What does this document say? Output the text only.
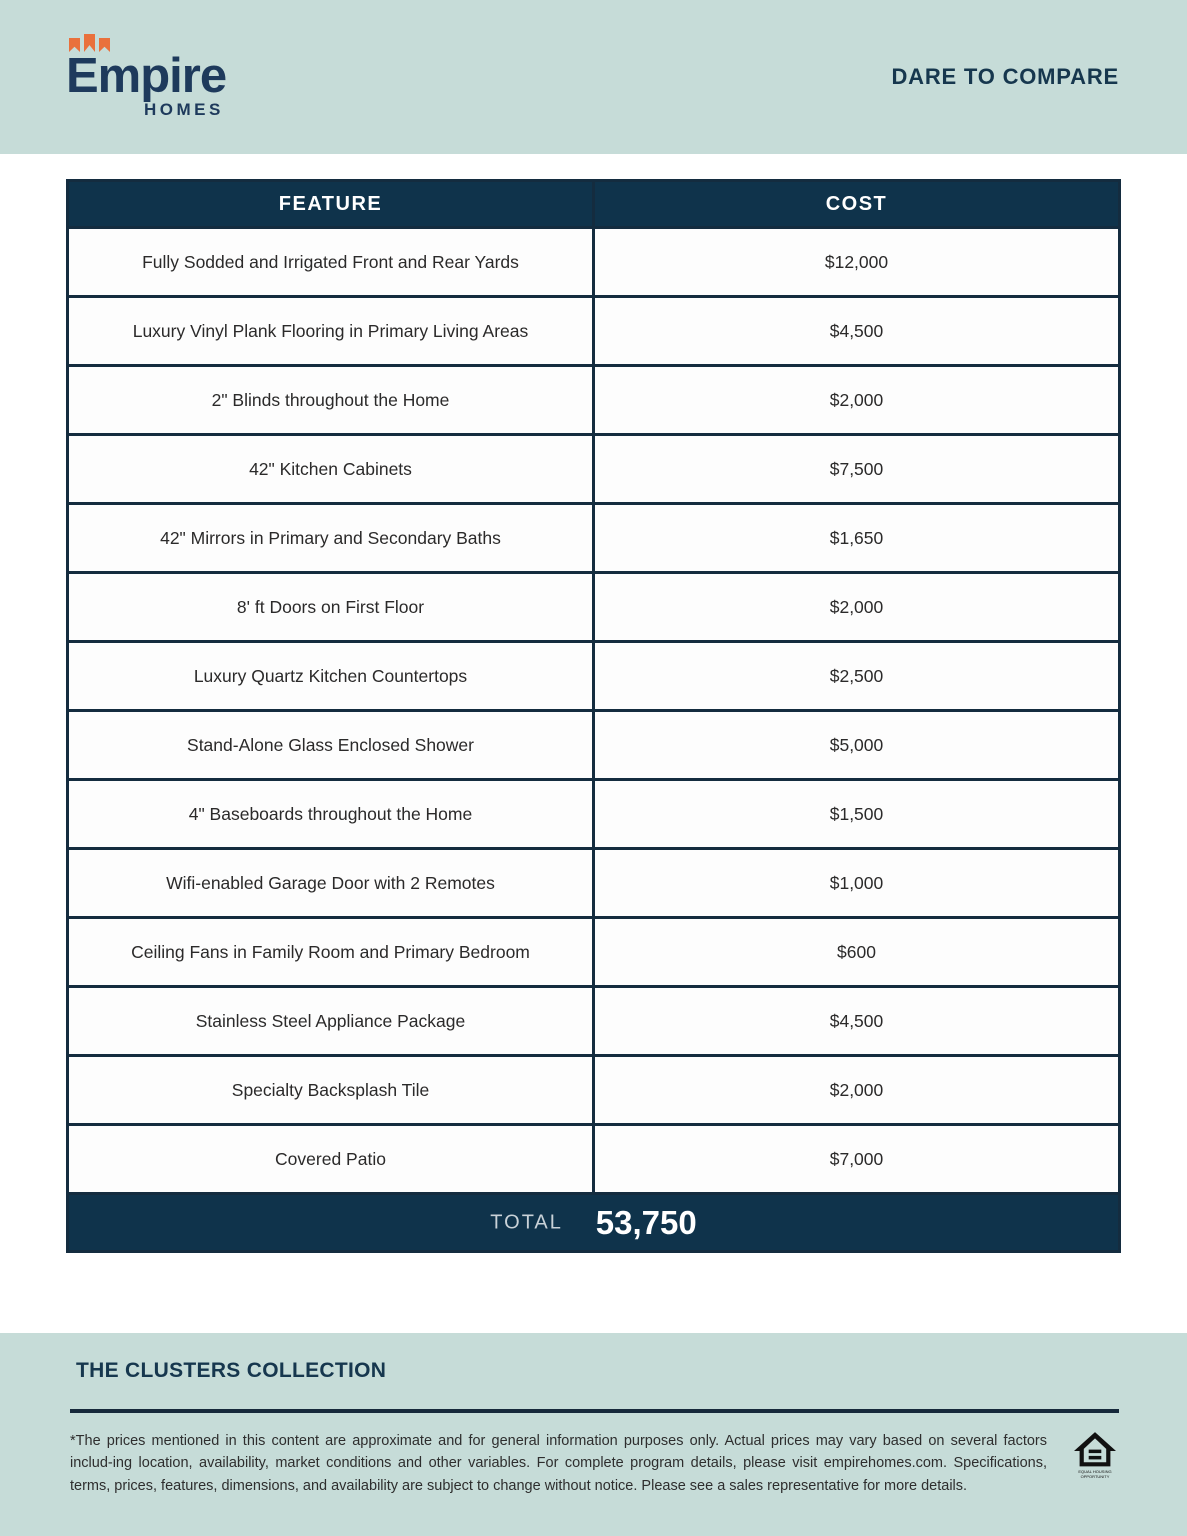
Empire
HOMES
DARE TO COMPARE
FEATURE	COST
Fully Sodded and Irrigated Front and Rear Yards	$12,000
Luxury Vinyl Plank Flooring in Primary Living Areas	$4,500
2" Blinds throughout the Home	$2,000
42" Kitchen Cabinets	$7,500
42" Mirrors in Primary and Secondary Baths	$1,650
8' ft Doors on First Floor	$2,000
Luxury Quartz Kitchen Countertops	$2,500
Stand-Alone Glass Enclosed Shower	$5,000
4" Baseboards throughout the Home	$1,500
Wifi-enabled Garage Door with 2 Remotes	$1,000
Ceiling Fans in Family Room and Primary Bedroom	$600
Stainless Steel Appliance Package	$4,500
Specialty Backsplash Tile	$2,000
Covered Patio	$7,000
TOTAL 53,750	
THE CLUSTERS COLLECTION

*The prices mentioned in this content are approximate and for general information purposes only. Actual prices may vary based on several factors includ-ing location, availability, market conditions and other variables. For complete program details, please visit empirehomes.com. Specifications, terms, prices, features, dimensions, and availability are subject to change without notice. Please see a sales representative for more details.

EQUAL HOUSING
OPPORTUNITY
